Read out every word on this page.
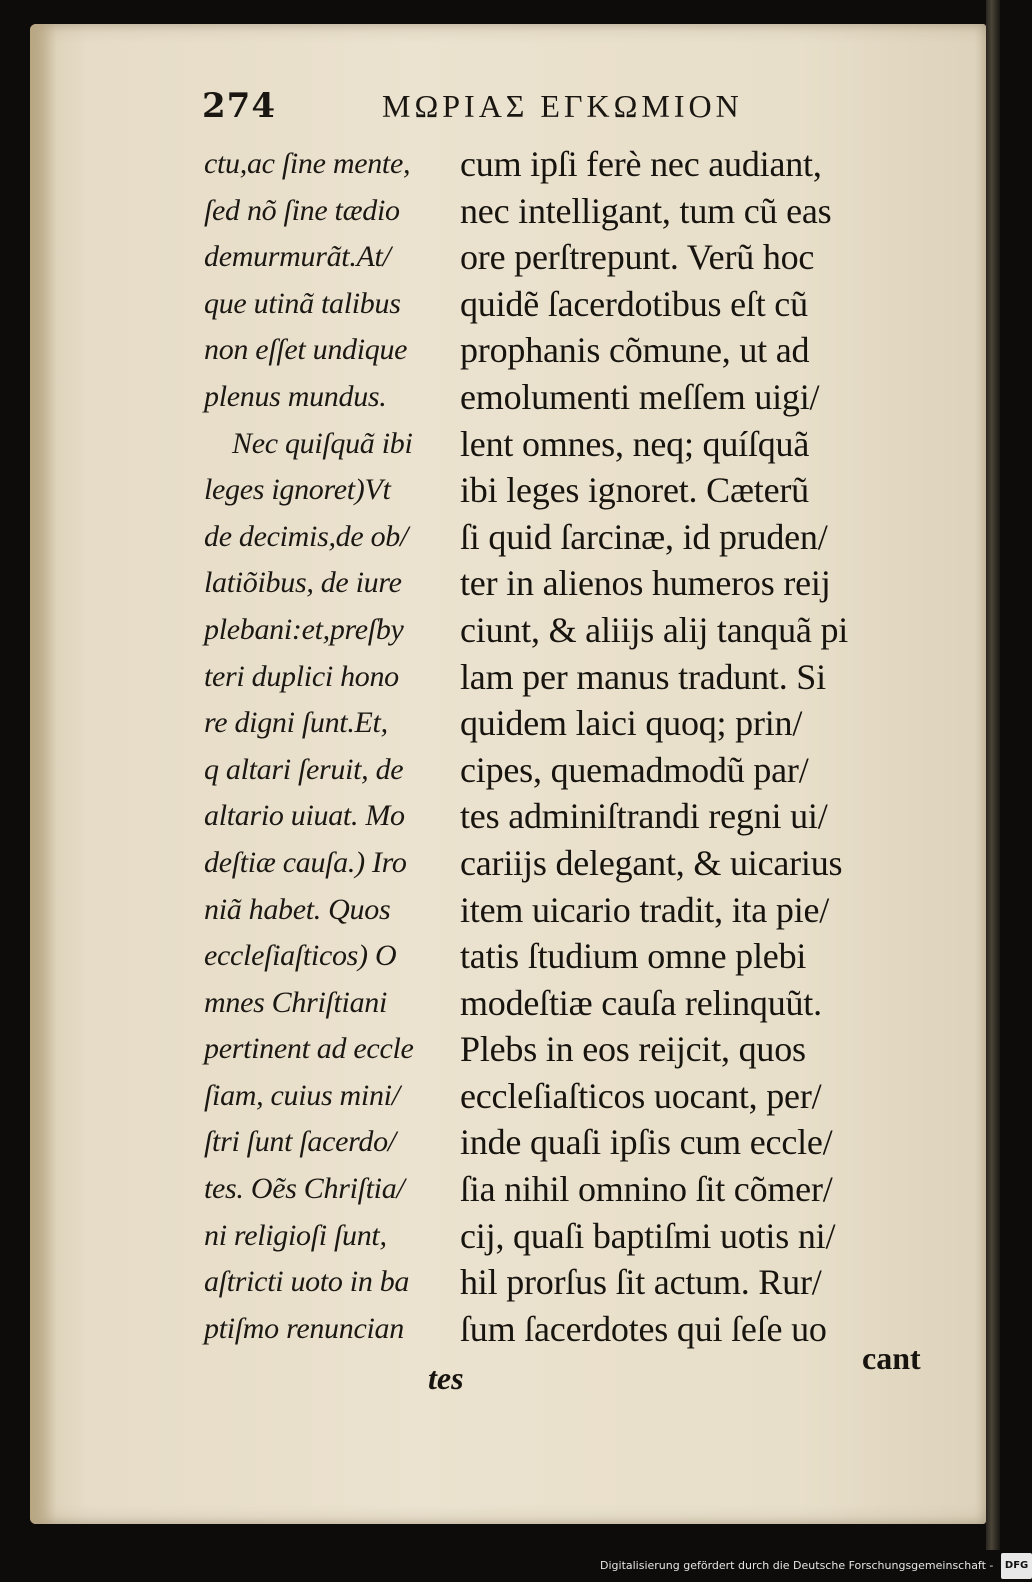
274	ΜΩΡΙΑΣ ΕΓΚΩΜΙΟΝ
ctu,ac ſine mente,
ſed nõ ſine tædio
demurmurãt.At/
que utinã talibus
non eſſet undique
plenus mundus.
Nec quiſquã ibi
leges ignoret)Vt
de decimis,de ob/
latiõibus, de iure
plebani:et,preſby
teri duplici hono
re digni ſunt.Et,
q altari ſeruit, de
altario uiuat. Mo
deſtiæ cauſa.) Iro
niã habet. Quos
eccleſiaſticos) O
mnes Chriſtiani
pertinent ad eccle
ſiam, cuius mini/
ſtri ſunt ſacerdo/
tes. Oẽs Chriſtia/
ni religioſi ſunt,
aſtricti uoto in ba
ptiſmo renuncian
cum ipſi ferè nec audiant,
nec intelligant, tum cũ eas
ore perſtrepunt. Verũ hoc
quidẽ ſacerdotibus eſt cũ
prophanis cõmune, ut ad
emolumenti meſſem uigi/
lent omnes, neq; quíſquã
ibi leges ignoret. Cæterũ
ſi quid ſarcinæ, id pruden/
ter in alienos humeros reĳ
ciunt, & aliĳs alĳ tanquã pi
lam per manus tradunt. Si
quidem laici quoq; prin/
cipes, quemadmodũ par/
tes adminiſtrandi regni ui/
cariĳs delegant, & uicarius
item uicario tradit, ita pie/
tatis ſtudium omne plebi
modeſtiæ cauſa relinquũt.
Plebs in eos reĳcit, quos
eccleſiaſticos uocant, per/
inde quaſi ipſis cum eccle/
ſia nihil omnino ſit cõmer/
cĳ, quaſi baptiſmi uotis ni/
hil prorſus ſit actum. Rur/
ſum ſacerdotes qui ſeſe uo
tes
cant
Digitalisierung gefördert durch die Deutsche Forschungsgemeinschaft - DFG
